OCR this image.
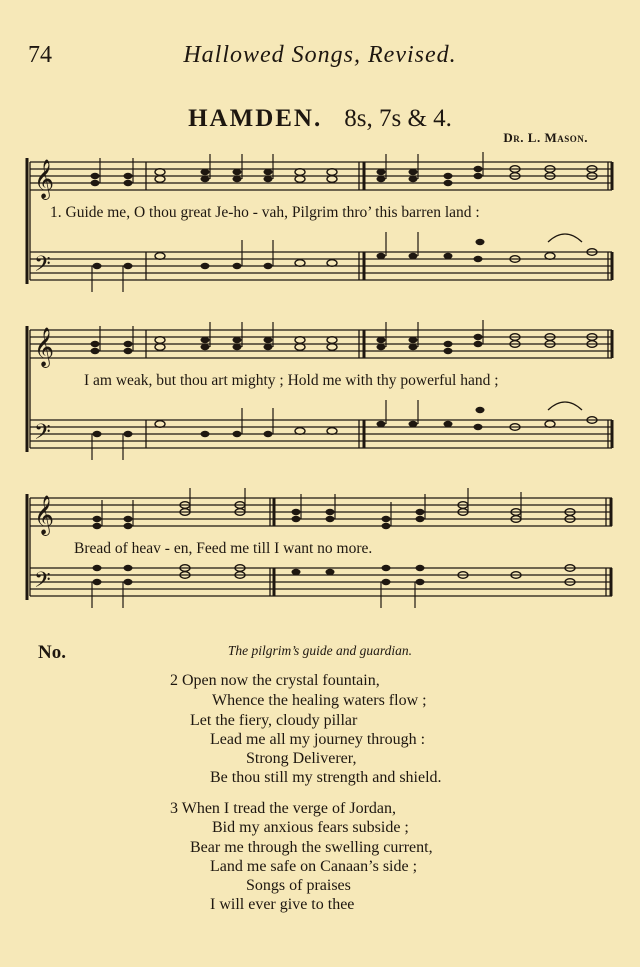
74	Hallowed Songs, Revised.
HAMDEN. 8s, 7s & 4.
Dr. L. Mason.
𝄞
𝄢
1. Guide me, O thou great Je-ho - vah, Pilgrim thro’ this barren land :
𝄞
𝄢
I am weak, but thou art mighty ; Hold me with thy powerful hand ;
𝄞
𝄢
Bread of heav - en, Feed me till I want no more.
No.	The pilgrim’s guide and guardian.
2 Open now the crystal fountain,
Whence the healing waters flow ;
Let the fiery, cloudy pillar
Lead me all my journey through :
Strong Deliverer,
Be thou still my strength and shield.
3 When I tread the verge of Jordan,
Bid my anxious fears subside ;
Bear me through the swelling current,
Land me safe on Canaan’s side ;
Songs of praises
I will ever give to thee
